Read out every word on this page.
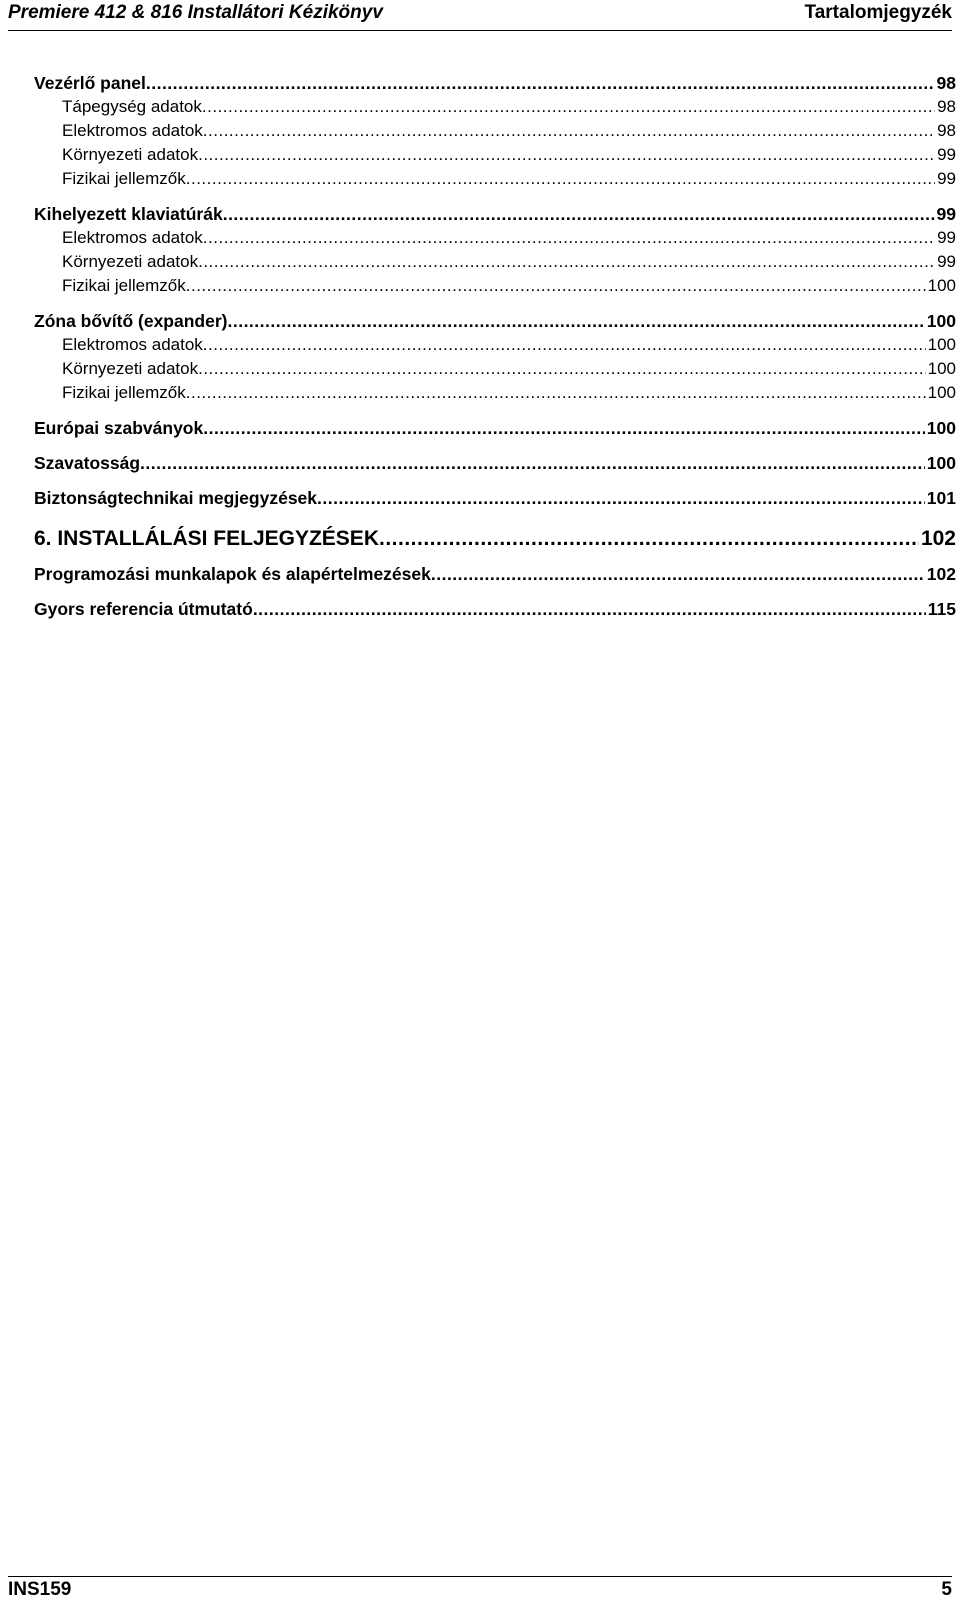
Premiere 412 & 816 Installátori Kézikönyv	Tartalomjegyzék
Vezérlő panel .....	98
Tápegység adatok .....	98
Elektromos adatok .....	98
Környezeti adatok .....	99
Fizikai jellemzők .....	99
Kihelyezett klaviatúrák .....	99
Elektromos adatok .....	99
Környezeti adatok .....	99
Fizikai jellemzők .....	100
Zóna bővítő (expander) .....	100
Elektromos adatok .....	100
Környezeti adatok .....	100
Fizikai jellemzők .....	100
Európai szabványok .....	100
Szavatosság .....	100
Biztonságtechnikai megjegyzések .....	101
6. INSTALLÁLÁSI FELJEGYZÉSEK .....	102
Programozási munkalapok és alapértelmezések .....	102
Gyors referencia útmutató .....	115
INS159	5
